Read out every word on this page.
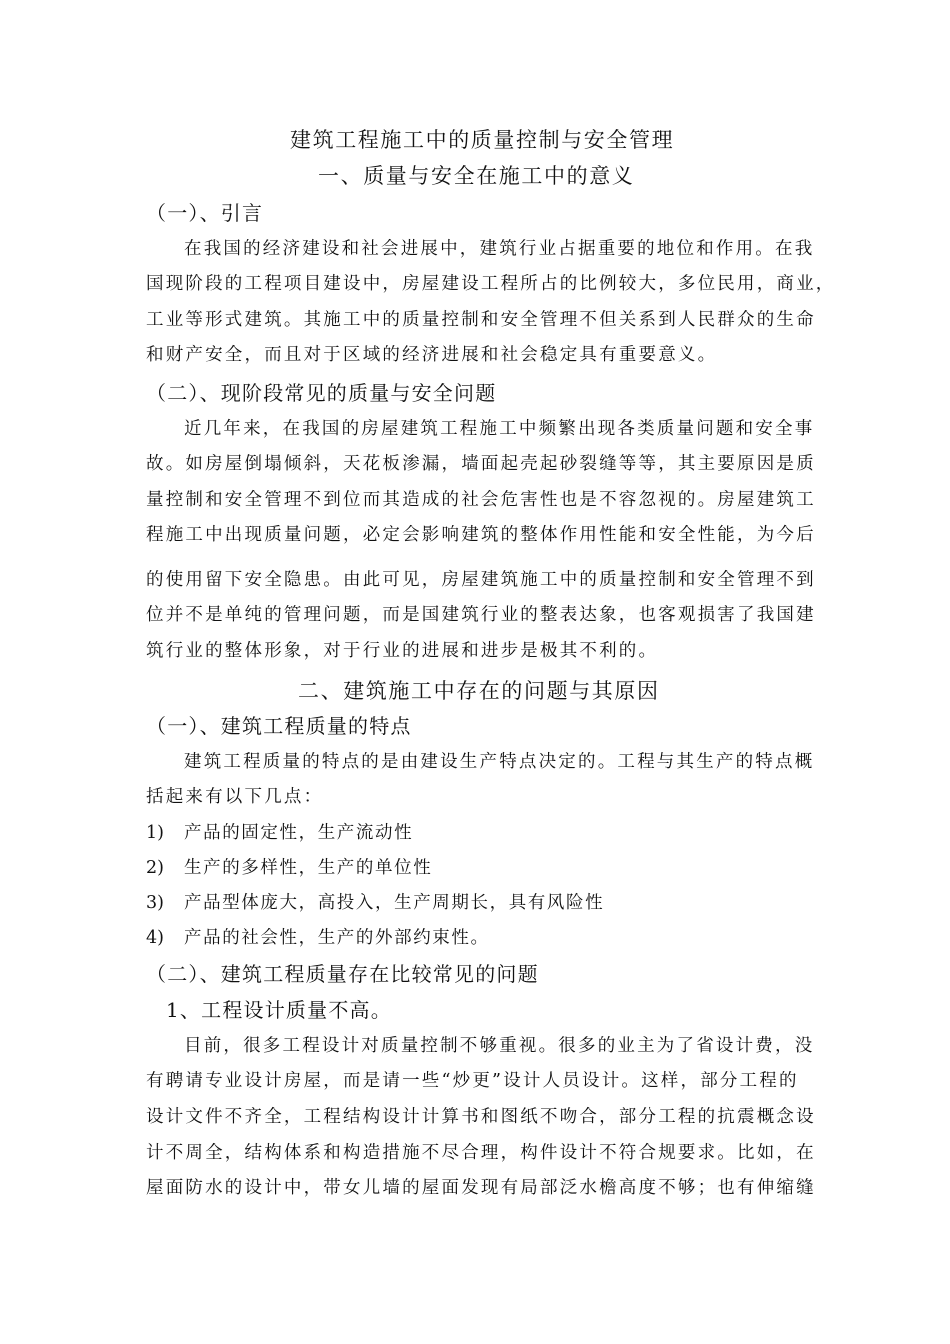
建筑工程施工中的质量控制与安全管理
一、质量与安全在施工中的意义
（一）、引言
在我国的经济建设和社会进展中，建筑行业占据重要的地位和作用。在我
国现阶段的工程项目建设中，房屋建设工程所占的比例较大，多位民用，商业，
工业等形式建筑。其施工中的质量控制和安全管理不但关系到人民群众的生命
和财产安全，而且对于区域的经济进展和社会稳定具有重要意义。
（二）、现阶段常见的质量与安全问题
近几年来，在我国的房屋建筑工程施工中频繁出现各类质量问题和安全事
故。如房屋倒塌倾斜，天花板渗漏，墙面起壳起砂裂缝等等，其主要原因是质
量控制和安全管理不到位而其造成的社会危害性也是不容忽视的。房屋建筑工
程施工中出现质量问题，必定会影响建筑的整体作用性能和安全性能，为今后
的使用留下安全隐患。由此可见，房屋建筑施工中的质量控制和安全管理不到
位并不是单纯的管理问题，而是国建筑行业的整表达象，也客观损害了我国建
筑行业的整体形象，对于行业的进展和进步是极其不利的。
二、建筑施工中存在的问题与其原因
（一）、建筑工程质量的特点
建筑工程质量的特点的是由建设生产特点决定的。工程与其生产的特点概
括起来有以下几点：
1) 产品的固定性，生产流动性
2) 生产的多样性，生产的单位性
3) 产品型体庞大，高投入，生产周期长，具有风险性
4) 产品的社会性，生产的外部约束性。
（二）、建筑工程质量存在比较常见的问题
1、工程设计质量不高。
目前，很多工程设计对质量控制不够重视。很多的业主为了省设计费，没
有聘请专业设计房屋，而是请一些“炒更”设计人员设计。这样，部分工程的
设计文件不齐全，工程结构设计计算书和图纸不吻合，部分工程的抗震概念设
计不周全，结构体系和构造措施不尽合理，构件设计不符合规要求。比如，在
屋面防水的设计中，带女儿墙的屋面发现有局部泛水檐高度不够；也有伸缩缝
